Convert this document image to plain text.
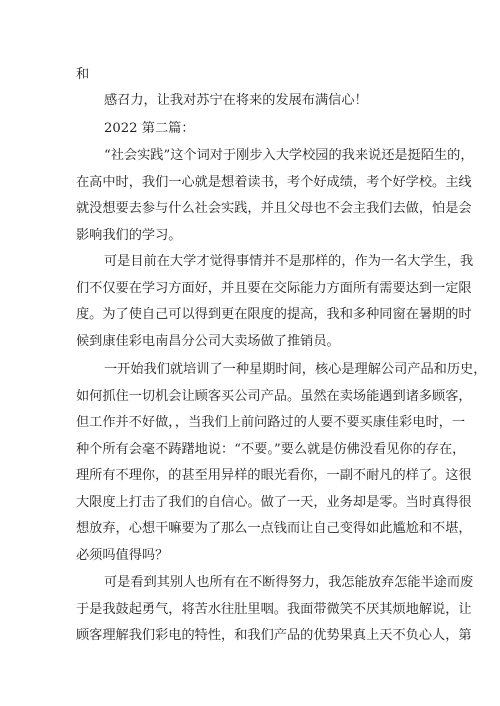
和
感召力，让我对苏宁在将来的发展布满信心！
2022 第二篇：
“社会实践”这个词对于刚步入大学校园的我来说还是挺陌生的，
在高中时，我们一心就是想着读书，考个好成绩，考个好学校。主线
就没想要去参与什么社会实践，并且父母也不会主我们去做，怕是会
影响我们的学习。
可是目前在大学才觉得事情并不是那样的，作为一名大学生，我
们不仅要在学习方面好，并且要在交际能力方面所有需要达到一定限
度。为了使自己可以得到更在限度的提高，我和多种同窗在暑期的时
候到康佳彩电南昌分公司大卖场做了推销员。
一开始我们就培训了一种星期时间，核心是理解公司产品和历史，
如何抓住一切机会让顾客买公司产品。虽然在卖场能遇到诸多顾客，
但工作并不好做，，当我们上前问路过的人要不要买康佳彩电时，一
种个所有会毫不踌躇地说：“不要。”要么就是仿佛没看见你的存在，
理所有不理你，的甚至用异样的眼光看你，一副不耐凡的样了。这很
大限度上打击了我们的自信心。做了一天，业务却是零。当时真得很
想放弃，心想干嘛要为了那么一点钱而让自己变得如此尴尬和不堪，
必须吗值得吗？
可是看到其别人也所有在不断得努力，我怎能放弃怎能半途而废
于是我鼓起勇气，将苦水往肚里咽。我面带微笑不厌其烦地解说，让
顾客理解我们彩电的特性，和我们产品的优势果真上天不负心人，第
